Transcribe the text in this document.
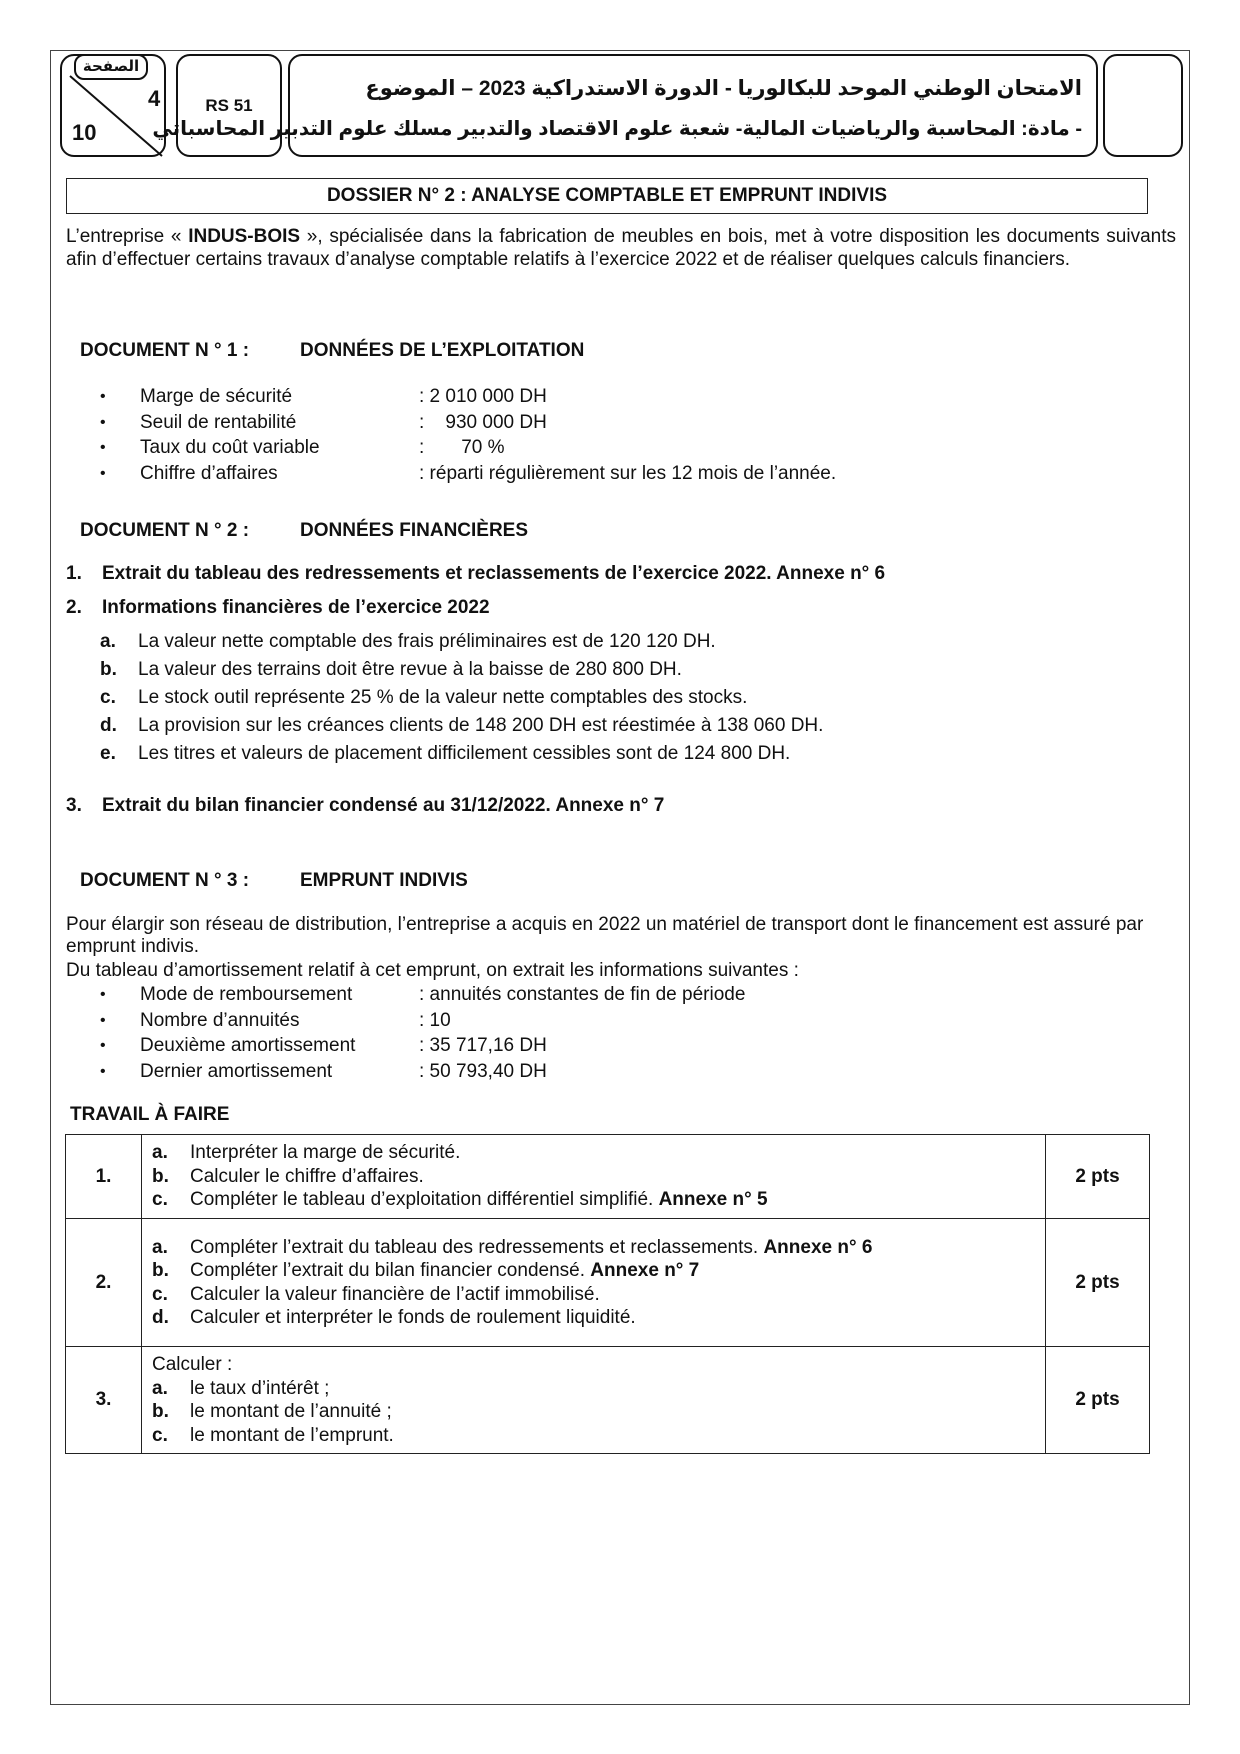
الصفحة
4
10
RS 51
الامتحان الوطني الموحد للبكالوريا - الدورة الاستدراكية 2023 – الموضوع
- مادة: المحاسبة والرياضيات المالية- شعبة علوم الاقتصاد والتدبير مسلك علوم التدبير المحاسباتي
DOSSIER N° 2 : ANALYSE COMPTABLE ET EMPRUNT INDIVIS
L’entreprise « INDUS-BOIS », spécialisée dans la fabrication de meubles en bois, met à votre disposition les documents suivants afin d’effectuer certains travaux d’analyse comptable relatifs à l’exercice 2022 et de réaliser quelques calculs financiers.
DOCUMENT N ° 1 :	DONNÉES DE L’EXPLOITATION
• Marge de sécurité	: 2 010 000 DH
• Seuil de rentabilité	:    930 000 DH
• Taux du coût variable	:       70 %
• Chiffre d’affaires	: réparti régulièrement sur les 12 mois de l’année.
DOCUMENT N ° 2 :	DONNÉES FINANCIÈRES
1. Extrait du tableau des redressements et reclassements de l’exercice 2022. Annexe n° 6
2. Informations financières de l’exercice 2022
a. La valeur nette comptable des frais préliminaires est de 120 120 DH.
b. La valeur des terrains doit être revue à la baisse de 280 800 DH.
c. Le stock outil représente 25 % de la valeur nette comptables des stocks.
d. La provision sur les créances clients de 148 200 DH est réestimée à 138 060 DH.
e. Les titres et valeurs de placement difficilement cessibles sont de 124 800 DH.
3. Extrait du bilan financier condensé au 31/12/2022. Annexe n° 7
DOCUMENT N ° 3 :	EMPRUNT INDIVIS
Pour élargir son réseau de distribution, l’entreprise a acquis en 2022 un matériel de transport dont le financement est assuré par emprunt indivis.
Du tableau d’amortissement relatif à cet emprunt, on extrait les informations suivantes :
• Mode de remboursement	: annuités constantes de fin de période
• Nombre d’annuités	: 10
• Deuxième amortissement	: 35 717,16 DH
• Dernier amortissement	: 50 793,40 DH
TRAVAIL À FAIRE
1.	a. Interpréter la marge de sécurité.
b. Calculer le chiffre d’affaires.
c. Compléter le tableau d’exploitation différentiel simplifié. Annexe n° 5	2 pts
2.	a. Compléter l’extrait du tableau des redressements et reclassements. Annexe n° 6
b. Compléter l’extrait du bilan financier condensé. Annexe n° 7
c. Calculer la valeur financière de l’actif immobilisé.
d. Calculer et interpréter le fonds de roulement liquidité.	2 pts
3.	Calculer :
a. le taux d’intérêt ;
b. le montant de l’annuité ;
c. le montant de l’emprunt.	2 pts
